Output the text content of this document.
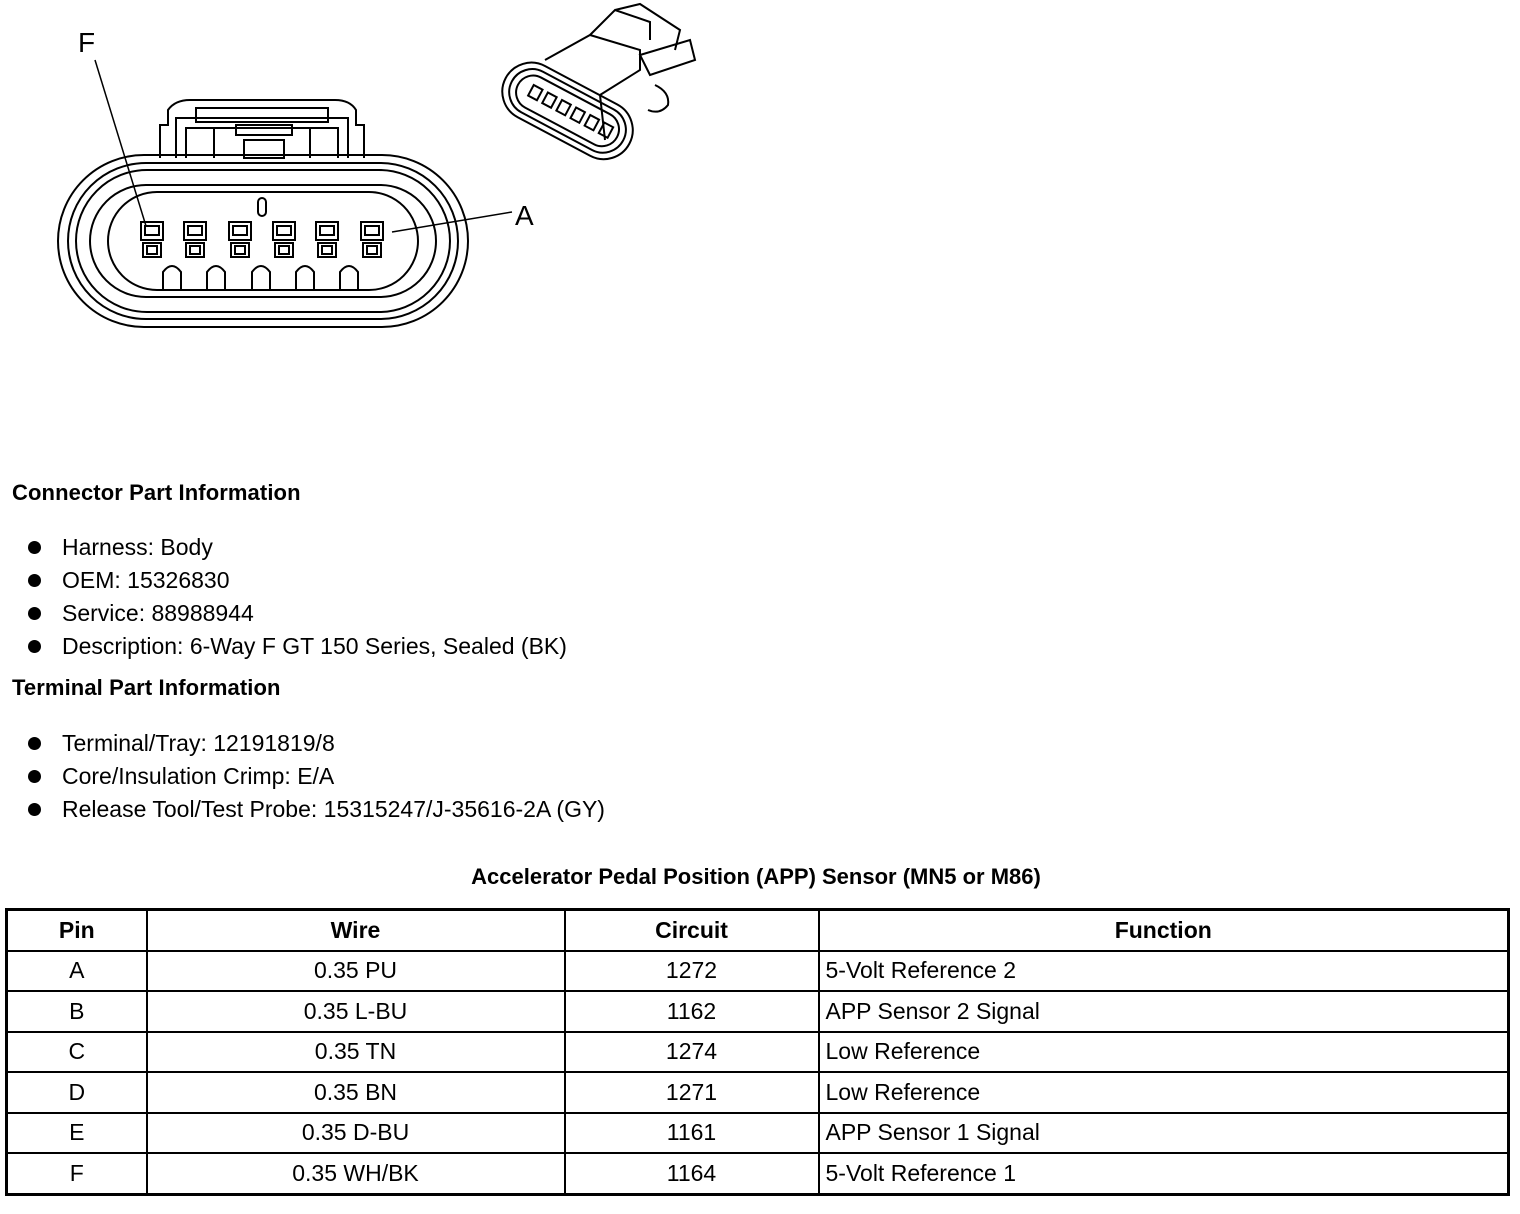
F
A
Connector Part Information
Harness: Body
OEM: 15326830
Service: 88988944
Description: 6-Way F GT 150 Series, Sealed (BK)
Terminal Part Information
Terminal/Tray: 12191819/8
Core/Insulation Crimp: E/A
Release Tool/Test Probe: 15315247/J-35616-2A (GY)
Accelerator Pedal Position (APP) Sensor (MN5 or M86)
Pin	Wire	Circuit	Function
A	0.35 PU	1272	5-Volt Reference 2
B	0.35 L-BU	1162	APP Sensor 2 Signal
C	0.35 TN	1274	Low Reference
D	0.35 BN	1271	Low Reference
E	0.35 D-BU	1161	APP Sensor 1 Signal
F	0.35 WH/BK	1164	5-Volt Reference 1
